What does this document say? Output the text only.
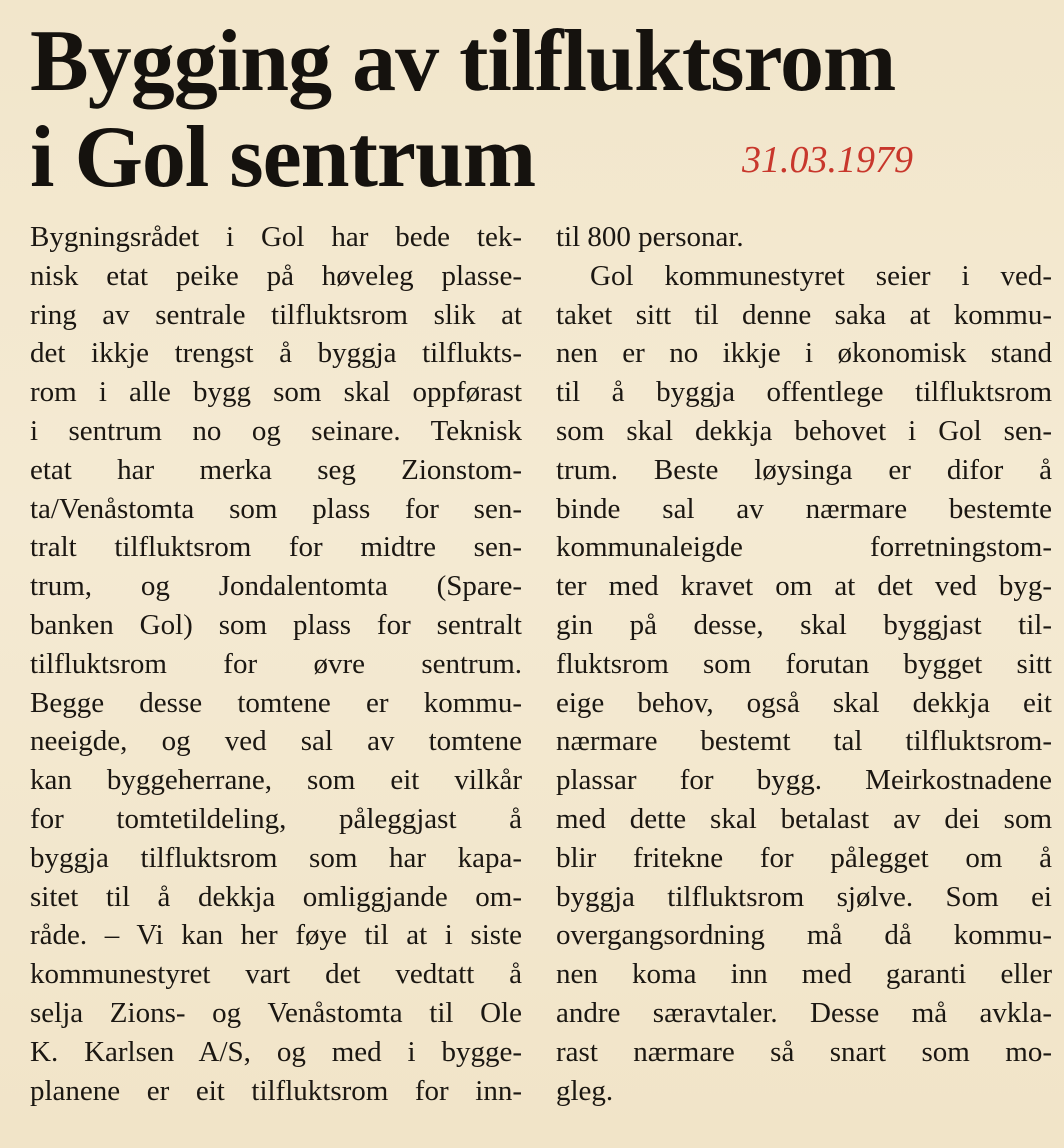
Bygging av tilfluktsrom
i Gol sentrum	31.03.1979
Bygningsrådet i Gol har bede tek-
nisk etat peike på høveleg plasse-
ring av sentrale tilfluktsrom slik at
det ikkje trengst å byggja tilflukts-
rom i alle bygg som skal oppførast
i sentrum no og seinare. Teknisk
etat har merka seg Zionstom-
ta/Venåstomta som plass for sen-
tralt tilfluktsrom for midtre sen-
trum, og Jondalentomta (Spare-
banken Gol) som plass for sentralt
tilfluktsrom for øvre sentrum.
Begge desse tomtene er kommu-
neeigde, og ved sal av tomtene
kan byggeherrane, som eit vilkår
for tomtetildeling, påleggjast å
byggja tilfluktsrom som har kapa-
sitet til å dekkja omliggjande om-
råde. – Vi kan her føye til at i siste
kommunestyret vart det vedtatt å
selja Zions- og Venåstomta til Ole
K. Karlsen A/S, og med i bygge-
planene er eit tilfluktsrom for inn-
til 800 personar.
Gol kommunestyret seier i ved-
taket sitt til denne saka at kommu-
nen er no ikkje i økonomisk stand
til å byggja offentlege tilfluktsrom
som skal dekkja behovet i Gol sen-
trum. Beste løysinga er difor å
binde sal av nærmare bestemte
kommunaleigde forretningstom-
ter med kravet om at det ved byg-
gin på desse, skal byggjast til-
fluktsrom som forutan bygget sitt
eige behov, også skal dekkja eit
nærmare bestemt tal tilfluktsrom-
plassar for bygg. Meirkostnadene
med dette skal betalast av dei som
blir fritekne for pålegget om å
byggja tilfluktsrom sjølve. Som ei
overgangsordning må då kommu-
nen koma inn med garanti eller
andre særavtaler. Desse må avkla-
rast nærmare så snart som mo-
gleg.
